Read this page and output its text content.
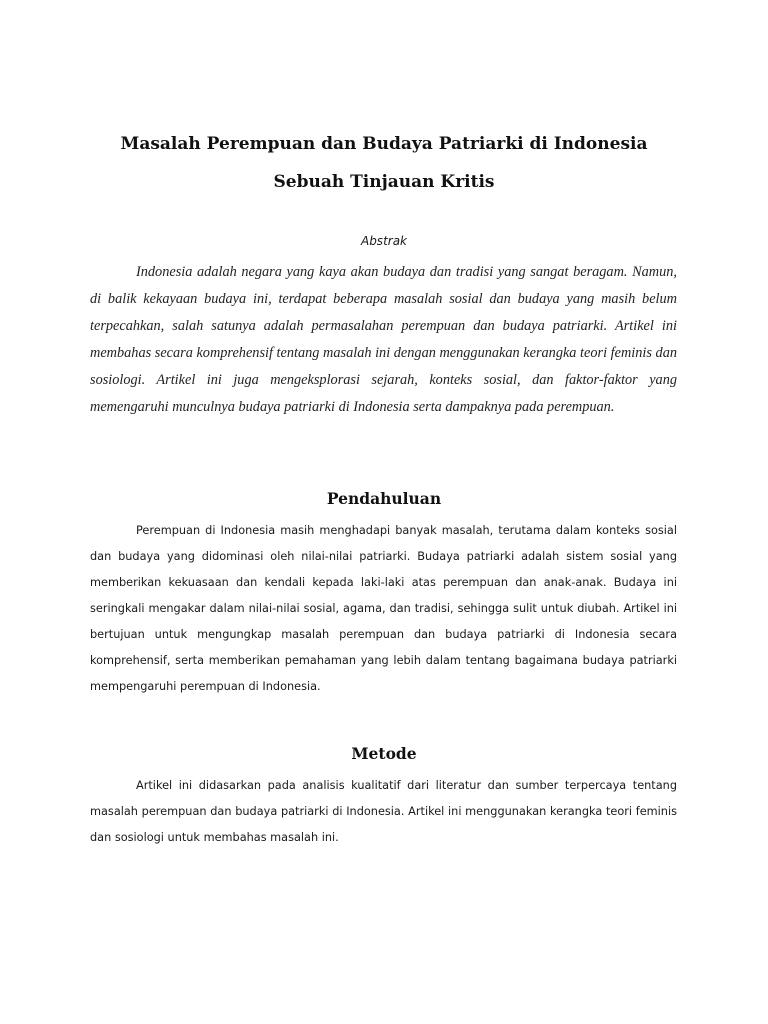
Masalah Perempuan dan Budaya Patriarki di Indonesia
Sebuah Tinjauan Kritis
Abstrak

Indonesia adalah negara yang kaya akan budaya dan tradisi yang sangat beragam. Namun, di balik kekayaan budaya ini, terdapat beberapa masalah sosial dan budaya yang masih belum terpecahkan, salah satunya adalah permasalahan perempuan dan budaya patriarki. Artikel ini membahas secara komprehensif tentang masalah ini dengan menggunakan kerangka teori feminis dan sosiologi. Artikel ini juga mengeksplorasi sejarah, konteks sosial, dan faktor-faktor yang memengaruhi munculnya budaya patriarki di Indonesia serta dampaknya pada perempuan.

Pendahuluan

Perempuan di Indonesia masih menghadapi banyak masalah, terutama dalam konteks sosial dan budaya yang didominasi oleh nilai-nilai patriarki. Budaya patriarki adalah sistem sosial yang memberikan kekuasaan dan kendali kepada laki-laki atas perempuan dan anak-anak. Budaya ini seringkali mengakar dalam nilai-nilai sosial, agama, dan tradisi, sehingga sulit untuk diubah. Artikel ini bertujuan untuk mengungkap masalah perempuan dan budaya patriarki di Indonesia secara komprehensif, serta memberikan pemahaman yang lebih dalam tentang bagaimana budaya patriarki mempengaruhi perempuan di Indonesia.

Metode

Artikel ini didasarkan pada analisis kualitatif dari literatur dan sumber terpercaya tentang masalah perempuan dan budaya patriarki di Indonesia. Artikel ini menggunakan kerangka teori feminis dan sosiologi untuk membahas masalah ini.
